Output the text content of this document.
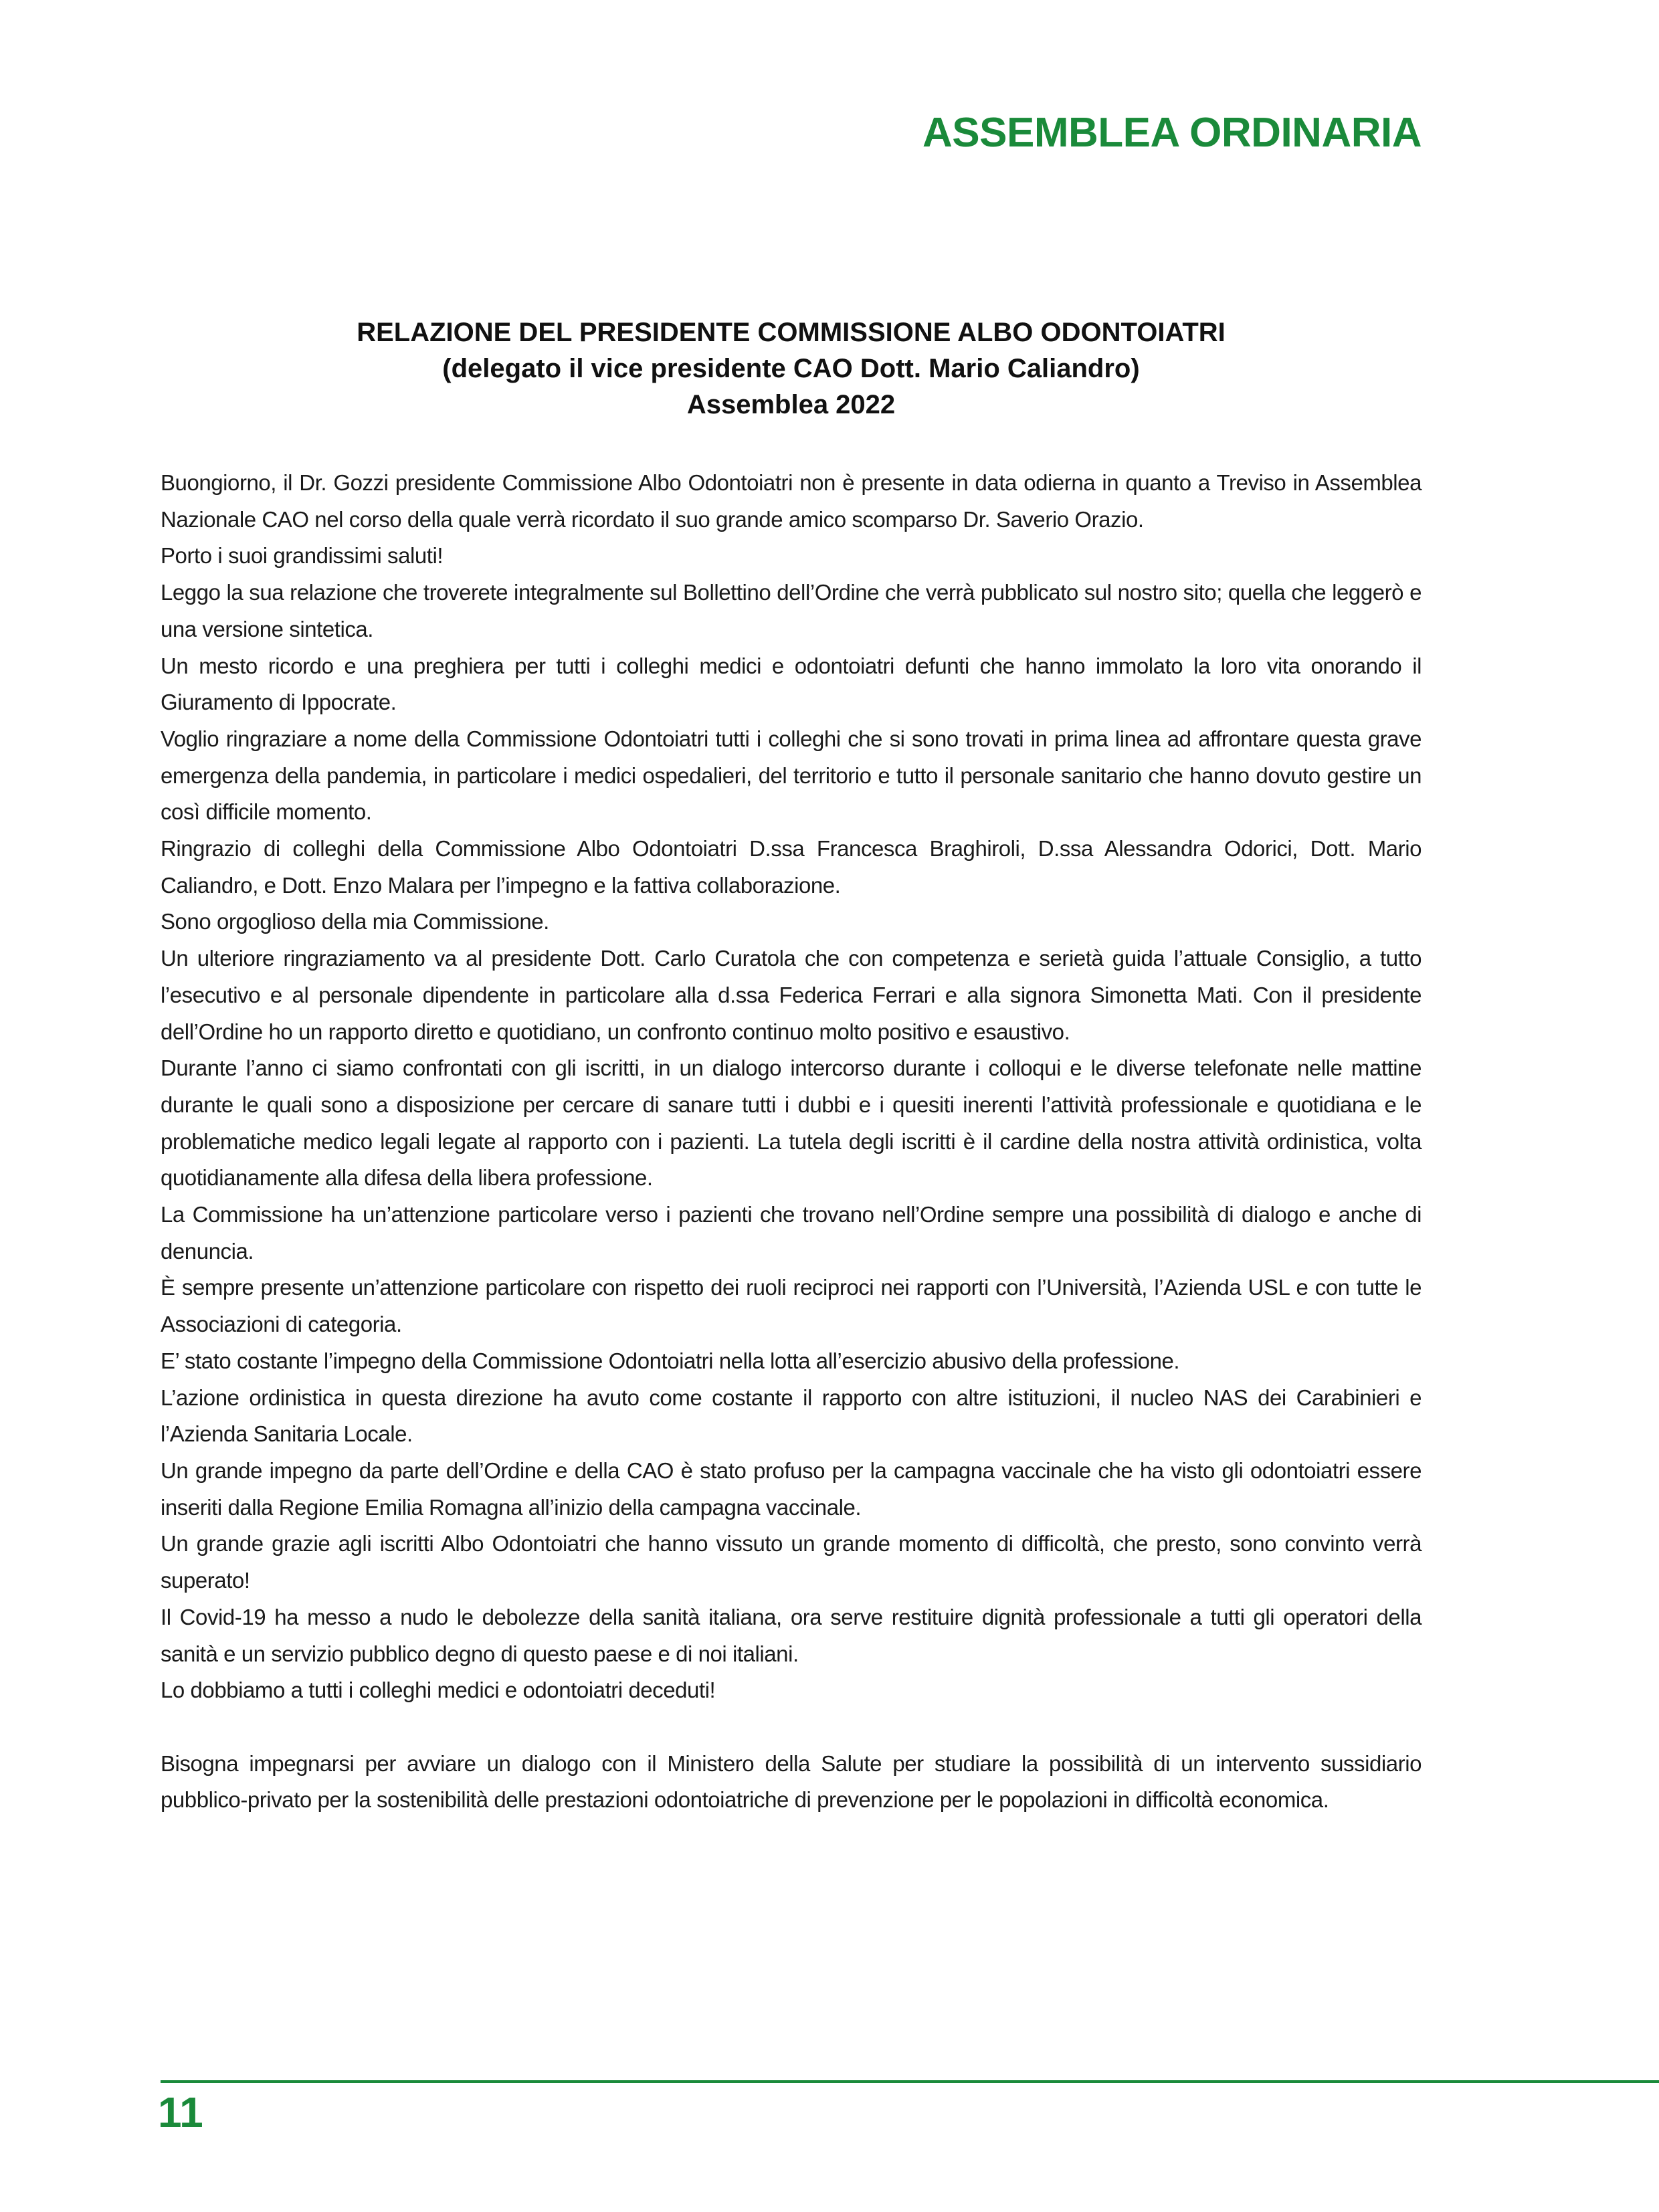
ASSEMBLEA ORDINARIA
RELAZIONE DEL PRESIDENTE COMMISSIONE ALBO ODONTOIATRI
(delegato il vice presidente CAO Dott. Mario Caliandro)
Assemblea 2022

Buongiorno, il Dr. Gozzi presidente Commissione Albo Odontoiatri non è presente in data odierna in quanto a Treviso in Assemblea Nazionale CAO nel corso della quale verrà ricordato il suo grande amico scomparso Dr. Saverio Orazio.

Porto i suoi grandissimi saluti!

Leggo la sua relazione che troverete integralmente sul Bollettino dell’Ordine che verrà pubblicato sul nostro sito; quella che leggerò e una versione sintetica.

Un mesto ricordo e una preghiera per tutti i colleghi medici e odontoiatri defunti che hanno immolato la loro vita onorando il Giuramento di Ippocrate.

Voglio ringraziare a nome della Commissione Odontoiatri tutti i colleghi che si sono trovati in prima linea ad affrontare questa grave emergenza della pandemia, in particolare i medici ospedalieri, del territorio e tutto il personale sanitario che hanno dovuto gestire un così difficile momento.

Ringrazio di colleghi della Commissione Albo Odontoiatri D.ssa Francesca Braghiroli, D.ssa Alessandra Odorici, Dott. Mario Caliandro, e Dott. Enzo Malara per l’impegno e la fattiva collaborazione.

Sono orgoglioso della mia Commissione.

Un ulteriore ringraziamento va al presidente Dott. Carlo Curatola che con competenza e serietà guida l’attuale Consiglio, a tutto l’esecutivo e al personale dipendente in particolare alla d.ssa Federica Ferrari e alla signora Simonetta Mati. Con il presidente dell’Ordine ho un rapporto diretto e quotidiano, un confronto continuo molto positivo e esaustivo.

Durante l’anno ci siamo confrontati con gli iscritti, in un dialogo intercorso durante i colloqui e le diverse telefonate nelle mattine durante le quali sono a disposizione per cercare di sanare tutti i dubbi e i quesiti inerenti l’attività professionale e quotidiana e le problematiche medico legali legate al rapporto con i pazienti. La tutela degli iscritti è il cardine della nostra attività ordinistica, volta quotidianamente alla difesa della libera professione.

La Commissione ha un’attenzione particolare verso i pazienti che trovano nell’Ordine sempre una possibilità di dialogo e anche di denuncia.

È sempre presente un’attenzione particolare con rispetto dei ruoli reciproci nei rapporti con l’Università, l’Azienda USL e con tutte le Associazioni di categoria.

E’ stato costante l’impegno della Commissione Odontoiatri nella lotta all’esercizio abusivo della professione.

L’azione ordinistica in questa direzione ha avuto come costante il rapporto con altre istituzioni, il nucleo NAS dei Carabinieri e l’Azienda Sanitaria Locale.

Un grande impegno da parte dell’Ordine e della CAO è stato profuso per la campagna vaccinale che ha visto gli odontoiatri essere inseriti dalla Regione Emilia Romagna all’inizio della campagna vaccinale.

Un grande grazie agli iscritti Albo Odontoiatri che hanno vissuto un grande momento di difficoltà, che presto, sono convinto verrà superato!

Il Covid-19 ha messo a nudo le debolezze della sanità italiana, ora serve restituire dignità professionale a tutti gli operatori della sanità e un servizio pubblico degno di questo paese e di noi italiani.

Lo dobbiamo a tutti i colleghi medici e odontoiatri deceduti!

Bisogna impegnarsi per avviare un dialogo con il Ministero della Salute per studiare la possibilità di un intervento sussidiario pubblico-privato per la sostenibilità delle prestazioni odontoiatriche di prevenzione per le popolazioni in difficoltà economica.

11
